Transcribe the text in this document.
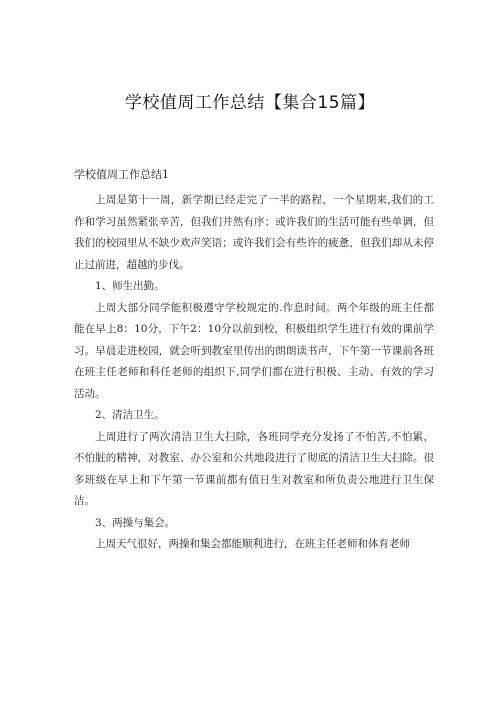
学校值周工作总结【集合15篇】

学校值周工作总结1

上周是第十一周，新学期已经走完了一半的路程，一个星期来,我们的工作和学习虽然紧张辛苦，但我们井然有序；或许我们的生活可能有些单调，但我们的校园里从不缺少欢声笑语；或许我们会有些许的疲惫，但我们却从未停止过前进，超越的步伐。

1、师生出勤。

上周大部分同学能积极遵守学校规定的.作息时间。两个年级的班主任都能在早上8：10分，下午2：10分以前到校，积极组织学生进行有效的课前学习。早晨走进校园，就会听到教室里传出的朗朗读书声，下午第一节课前各班在班主任老师和科任老师的组织下,同学们都在进行积极、主动、有效的学习活动。

2、清洁卫生。

上周进行了两次清洁卫生大扫除，各班同学充分发扬了不怕苦,不怕累，不怕脏的精神，对教室、办公室和公共地段进行了彻底的清洁卫生大扫除。很多班级在早上和下午第一节课前都有值日生对教室和所负责公地进行卫生保洁。

3、两操与集会。

上周天气很好，两操和集会都能顺利进行，在班主任老师和体育老师
